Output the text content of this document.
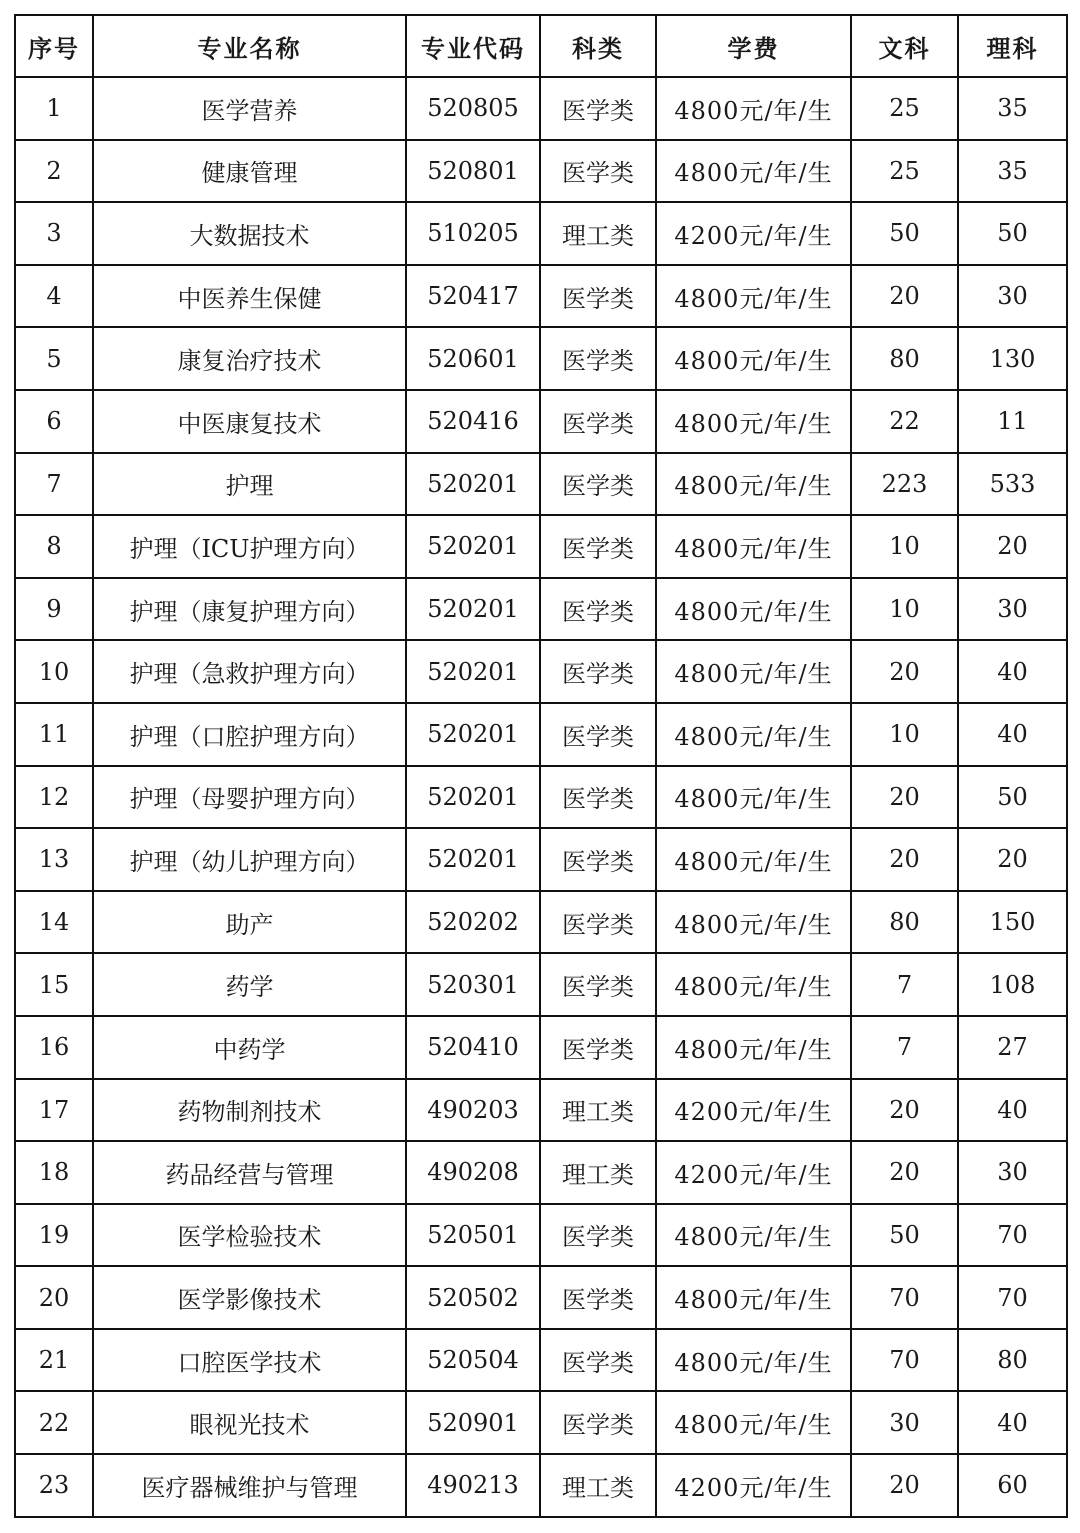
序号	专业名称	专业代码	科类	学费	文科	理科
1	医学营养	520805	医学类	4800元/年/生	25	35
2	健康管理	520801	医学类	4800元/年/生	25	35
3	大数据技术	510205	理工类	4200元/年/生	50	50
4	中医养生保健	520417	医学类	4800元/年/生	20	30
5	康复治疗技术	520601	医学类	4800元/年/生	80	130
6	中医康复技术	520416	医学类	4800元/年/生	22	11
7	护理	520201	医学类	4800元/年/生	223	533
8	护理（ICU护理方向）	520201	医学类	4800元/年/生	10	20
9	护理（康复护理方向）	520201	医学类	4800元/年/生	10	30
10	护理（急救护理方向）	520201	医学类	4800元/年/生	20	40
11	护理（口腔护理方向）	520201	医学类	4800元/年/生	10	40
12	护理（母婴护理方向）	520201	医学类	4800元/年/生	20	50
13	护理（幼儿护理方向）	520201	医学类	4800元/年/生	20	20
14	助产	520202	医学类	4800元/年/生	80	150
15	药学	520301	医学类	4800元/年/生	7	108
16	中药学	520410	医学类	4800元/年/生	7	27
17	药物制剂技术	490203	理工类	4200元/年/生	20	40
18	药品经营与管理	490208	理工类	4200元/年/生	20	30
19	医学检验技术	520501	医学类	4800元/年/生	50	70
20	医学影像技术	520502	医学类	4800元/年/生	70	70
21	口腔医学技术	520504	医学类	4800元/年/生	70	80
22	眼视光技术	520901	医学类	4800元/年/生	30	40
23	医疗器械维护与管理	490213	理工类	4200元/年/生	20	60
